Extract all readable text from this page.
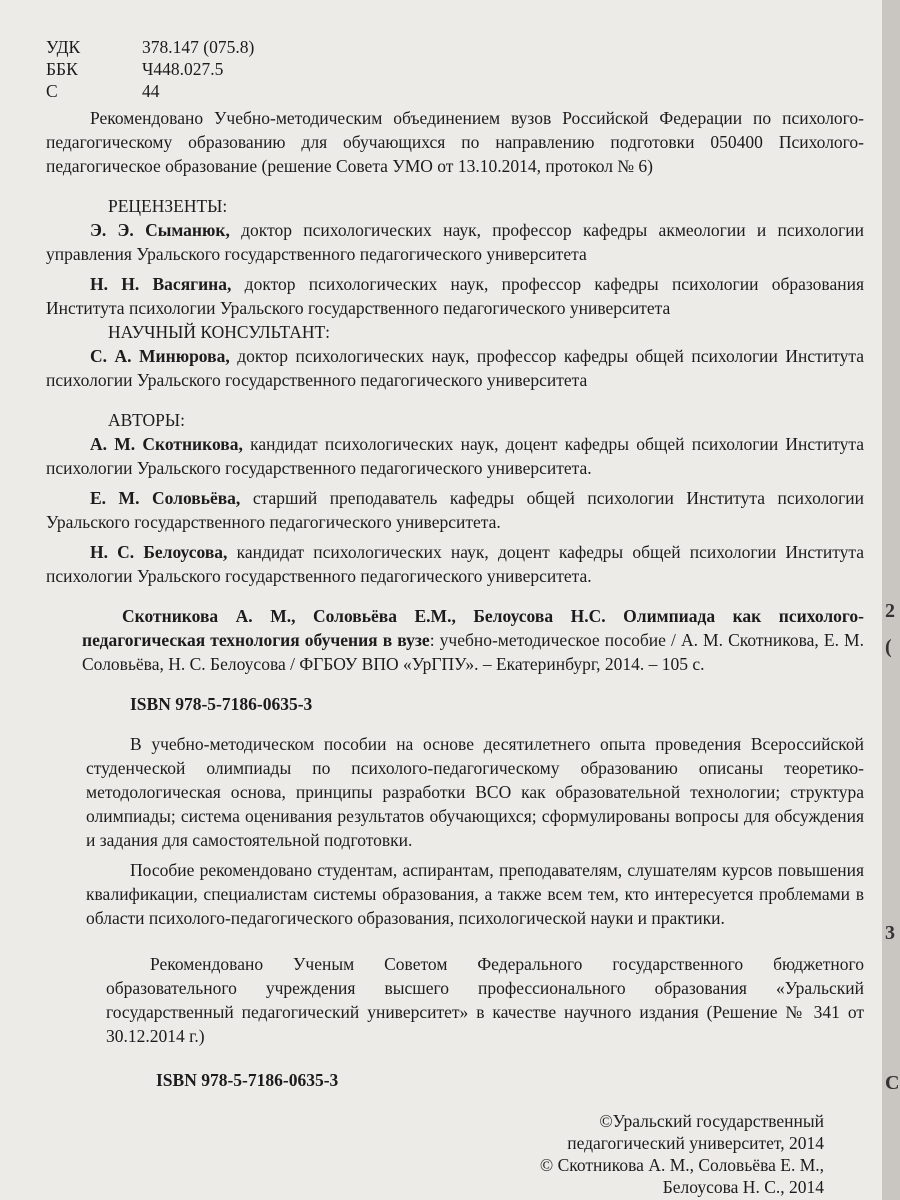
УДК	378.147 (075.8)
ББК	Ч448.027.5
С	44

Рекомендовано Учебно-методическим объединением вузов Российской Федерации по психолого-педагогическому образованию для обучающихся по направлению подготовки 050400 Психолого-педагогическое образование (решение Совета УМО от 13.10.2014, протокол № 6)

РЕЦЕНЗЕНТЫ:

Э. Э. Сыманюк, доктор психологических наук, профессор кафедры акмеологии и психологии управления Уральского государственного педагогического университета

Н. Н. Васягина, доктор психологических наук, профессор кафедры психологии образования Института психологии Уральского государственного педагогического университета

НАУЧНЫЙ КОНСУЛЬТАНТ:

С. А. Минюрова, доктор психологических наук, профессор кафедры общей психологии Института психологии Уральского государственного педагогического университета

АВТОРЫ:

А. М. Скотникова, кандидат психологических наук, доцент кафедры общей психологии Института психологии Уральского государственного педагогического университета.

Е. М. Соловьёва, старший преподаватель кафедры общей психологии Института психологии Уральского государственного педагогического университета.

Н. С. Белоусова, кандидат психологических наук, доцент кафедры общей психологии Института психологии Уральского государственного педагогического университета.

Скотникова А. М., Соловьёва Е.М., Белоусова Н.С. Олимпиада как психолого-педагогическая технология обучения в вузе: учебно-методическое пособие / А. М. Скотникова, Е. М. Соловьёва, Н. С. Белоусова / ФГБОУ ВПО «УрГПУ». – Екатеринбург, 2014. – 105 с.

ISBN 978-5-7186-0635-3

В учебно-методическом пособии на основе десятилетнего опыта проведения Всероссийской студенческой олимпиады по психолого-педагогическому образованию описаны теоретико-методологическая основа, принципы разработки ВСО как образовательной технологии; структура олимпиады; система оценивания результатов обучающихся; сформулированы вопросы для обсуждения и задания для самостоятельной подготовки.

Пособие рекомендовано студентам, аспирантам, преподавателям, слушателям курсов повышения квалификации, специалистам системы образования, а также всем тем, кто интересуется проблемами в области психолого-педагогического образования, психологической науки и практики.

Рекомендовано Ученым Советом Федерального государственного бюджетного образовательного учреждения высшего профессионального образования «Уральский государственный педагогический университет» в качестве научного издания (Решение № 341 от 30.12.2014 г.)

ISBN 978-5-7186-0635-3
©Уральский государственный
педагогический университет, 2014
© Скотникова А. М., Соловьёва Е. М.,
Белоусова Н. С., 2014
2
(
3
С
